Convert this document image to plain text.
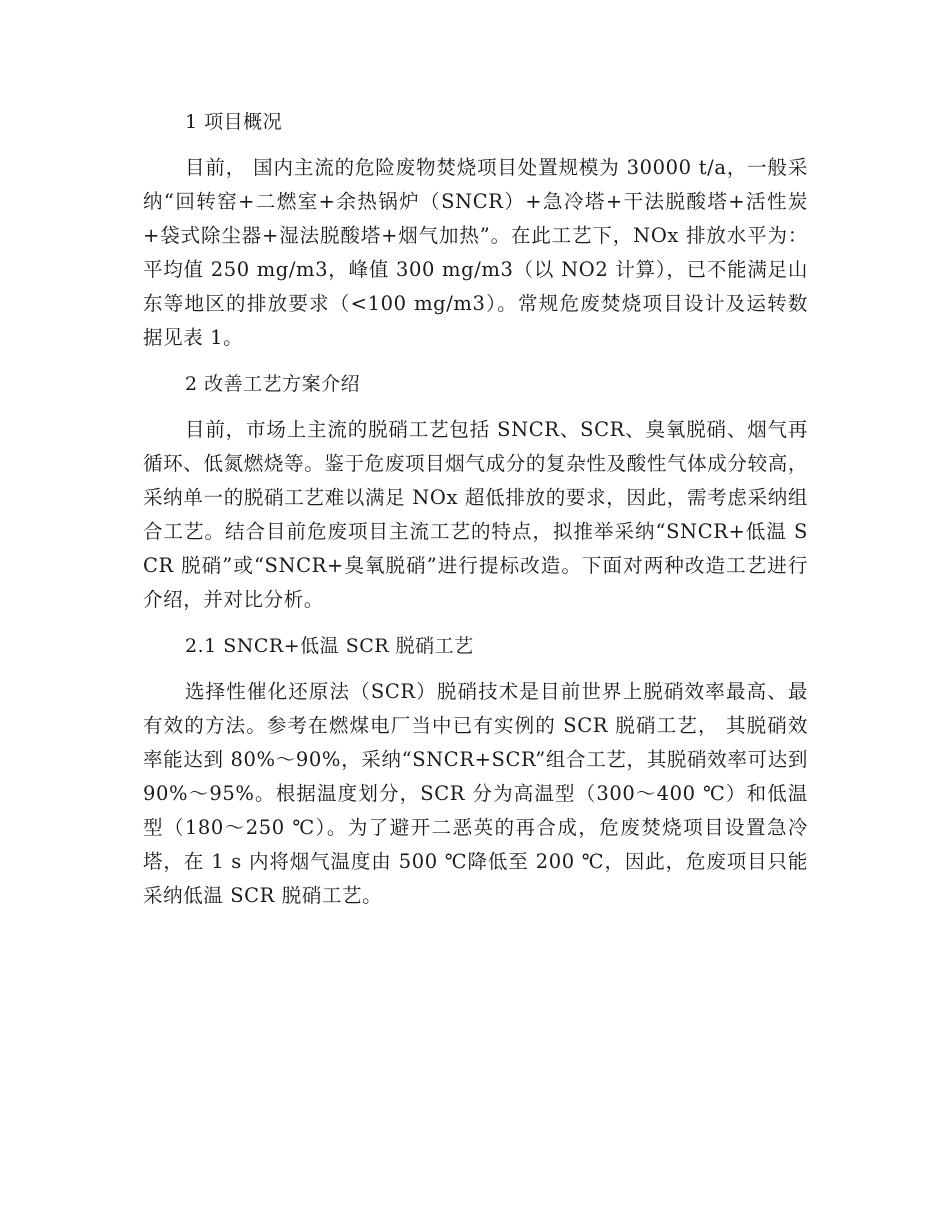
1 项目概况

目前， 国内主流的危险废物焚烧项目处置规模为 30000 t/a，一般采纳“回转窑+二燃室+余热锅炉（SNCR）+急冷塔+干法脱酸塔+活性炭+袋式除尘器+湿法脱酸塔+烟气加热”。在此工艺下，NOx 排放水平为：平均值 250 mg/m3，峰值 300 mg/m3（以 NO2 计算），已不能满足山东等地区的排放要求（<100 mg/m3）。常规危废焚烧项目设计及运转数据见表 1。

2 改善工艺方案介绍

目前，市场上主流的脱硝工艺包括 SNCR、SCR、臭氧脱硝、烟气再循环、低氮燃烧等。鉴于危废项目烟气成分的复杂性及酸性气体成分较高， 采纳单一的脱硝工艺难以满足 NOx 超低排放的要求，因此，需考虑采纳组合工艺。结合目前危废项目主流工艺的特点，拟推举采纳“SNCR+低温 SCR 脱硝”或“SNCR+臭氧脱硝”进行提标改造。下面对两种改造工艺进行介绍，并对比分析。

2.1 SNCR+低温 SCR 脱硝工艺

选择性催化还原法（SCR）脱硝技术是目前世界上脱硝效率最高、最有效的方法。参考在燃煤电厂当中已有实例的 SCR 脱硝工艺， 其脱硝效率能达到 80%～90%，采纳“SNCR+SCR”组合工艺，其脱硝效率可达到 90%～95%。根据温度划分，SCR 分为高温型（300～400 ℃）和低温型（180～250 ℃）。为了避开二恶英的再合成，危废焚烧项目设置急冷塔，在 1 s 内将烟气温度由 500 ℃降低至 200 ℃，因此，危废项目只能采纳低温 SCR 脱硝工艺。
